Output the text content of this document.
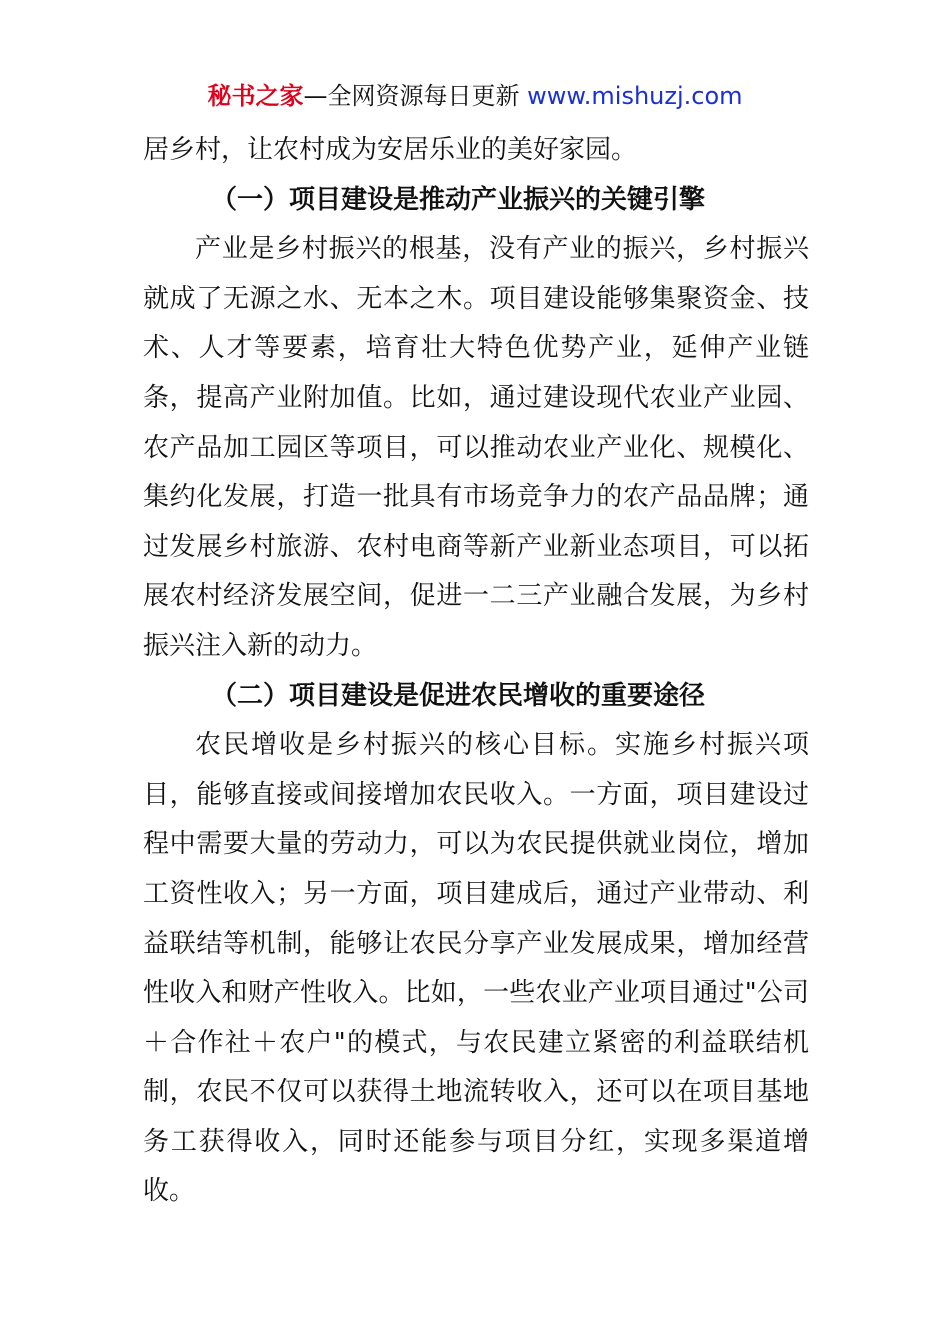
秘书之家—全网资源每日更新 www.mishuzj.com
居乡村，让农村成为安居乐业的美好家园。
（一）项目建设是推动产业振兴的关键引擎
产业是乡村振兴的根基，没有产业的振兴，乡村振兴
就成了无源之水、无本之木。项目建设能够集聚资金、技
术、人才等要素，培育壮大特色优势产业，延伸产业链
条，提高产业附加值。比如，通过建设现代农业产业园、
农产品加工园区等项目，可以推动农业产业化、规模化、
集约化发展，打造一批具有市场竞争力的农产品品牌；通
过发展乡村旅游、农村电商等新产业新业态项目，可以拓
展农村经济发展空间，促进一二三产业融合发展，为乡村
振兴注入新的动力。
（二）项目建设是促进农民增收的重要途径
农民增收是乡村振兴的核心目标。实施乡村振兴项
目，能够直接或间接增加农民收入。一方面，项目建设过
程中需要大量的劳动力，可以为农民提供就业岗位，增加
工资性收入；另一方面，项目建成后，通过产业带动、利
益联结等机制，能够让农民分享产业发展成果，增加经营
性收入和财产性收入。比如，一些农业产业项目通过"公司
＋合作社＋农户"的模式，与农民建立紧密的利益联结机
制，农民不仅可以获得土地流转收入，还可以在项目基地
务工获得收入，同时还能参与项目分红，实现多渠道增
收。
